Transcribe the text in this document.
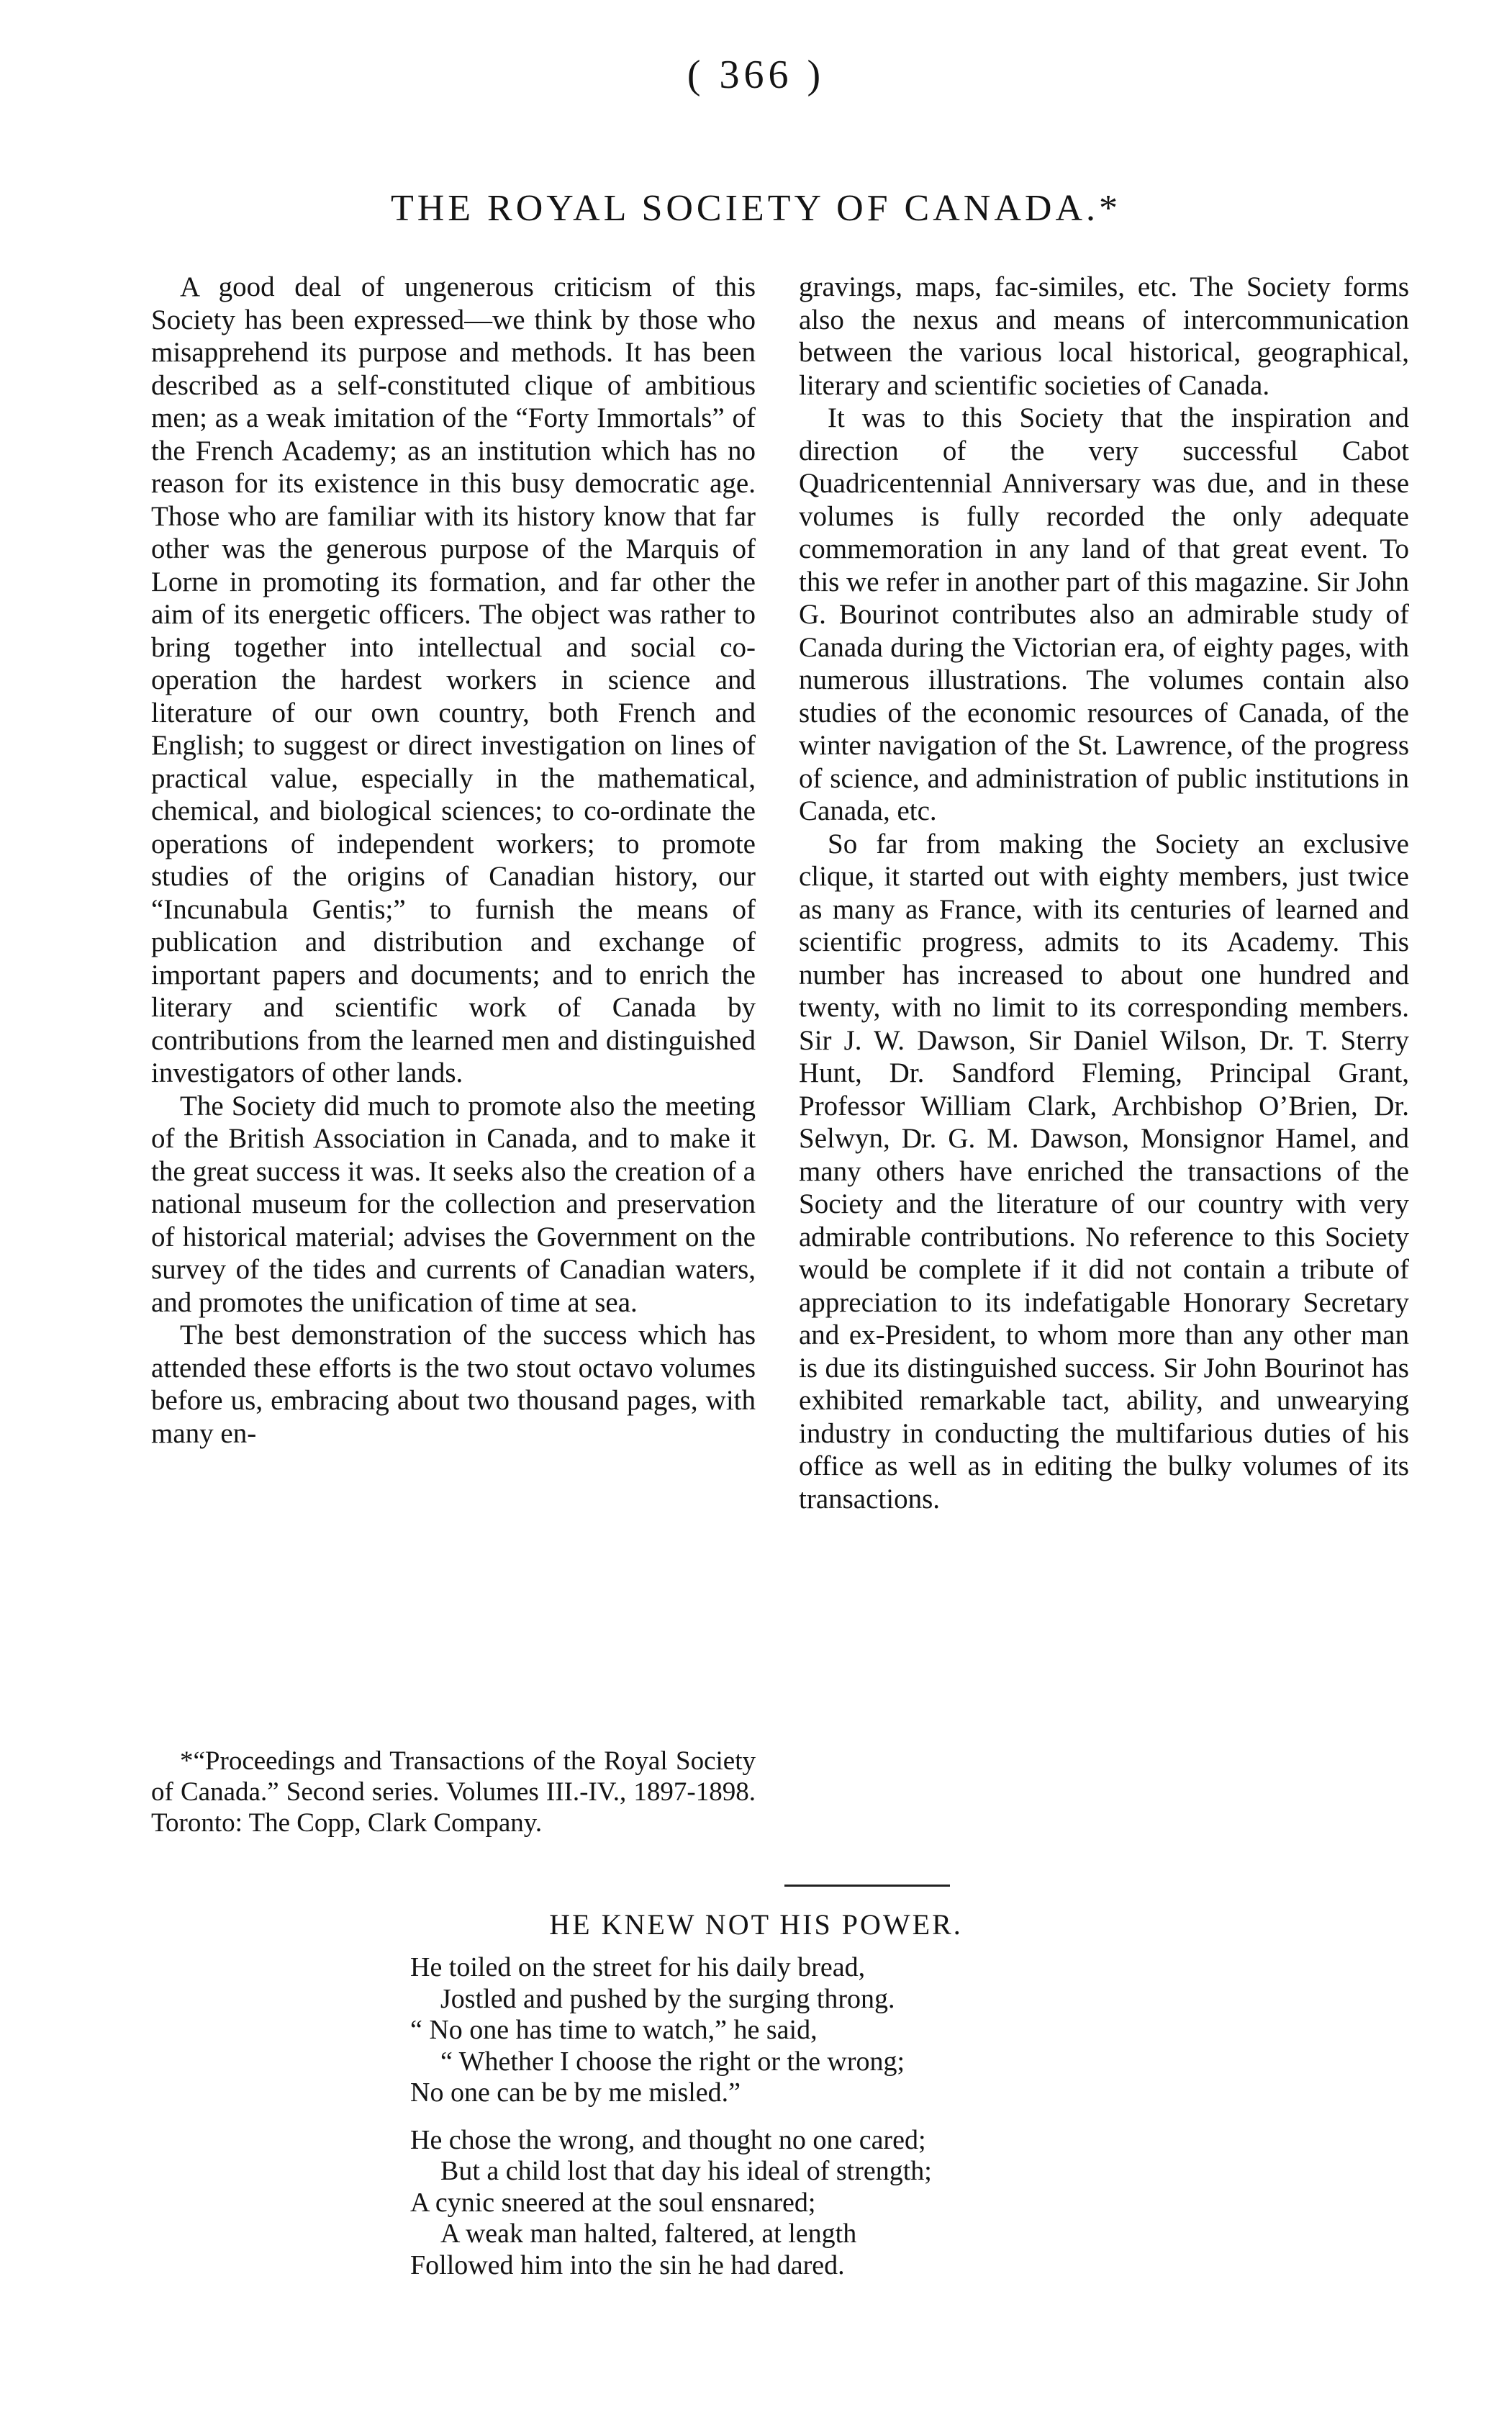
( 366 )
THE ROYAL SOCIETY OF CANADA.*

A good deal of ungenerous criticism of this Society has been expressed—we think by those who misapprehend its purpose and methods. It has been described as a self-constituted clique of ambitious men; as a weak imitation of the “Forty Immortals” of the French Academy; as an institution which has no reason for its existence in this busy democratic age. Those who are familiar with its history know that far other was the generous purpose of the Marquis of Lorne in promoting its formation, and far other the aim of its energetic officers. The object was rather to bring together into intellectual and social co-operation the hardest workers in science and literature of our own country, both French and English; to suggest or direct investigation on lines of practical value, especially in the mathematical, chemical, and biological sciences; to co-ordinate the operations of independent workers; to promote studies of the origins of Canadian history, our “Incunabula Gentis;” to furnish the means of publication and distribution and exchange of important papers and documents; and to enrich the literary and scientific work of Canada by contributions from the learned men and distinguished investigators of other lands.

The Society did much to promote also the meeting of the British Association in Canada, and to make it the great success it was. It seeks also the creation of a national museum for the collection and preservation of historical material; advises the Government on the survey of the tides and currents of Canadian waters, and promotes the unification of time at sea.

The best demonstration of the success which has attended these efforts is the two stout octavo volumes before us, embracing about two thousand pages, with many en-

*“Proceedings and Transactions of the Royal Society of Canada.” Second series. Volumes III.-IV., 1897-1898. Toronto: The Copp, Clark Company.

gravings, maps, fac-similes, etc. The Society forms also the nexus and means of intercommunication between the various local historical, geographical, literary and scientific societies of Canada.

It was to this Society that the inspiration and direction of the very successful Cabot Quadricentennial Anniversary was due, and in these volumes is fully recorded the only adequate commemoration in any land of that great event. To this we refer in another part of this magazine. Sir John G. Bourinot contributes also an admirable study of Canada during the Victorian era, of eighty pages, with numerous illustrations. The volumes contain also studies of the economic resources of Canada, of the winter navigation of the St. Lawrence, of the progress of science, and administration of public institutions in Canada, etc.

So far from making the Society an exclusive clique, it started out with eighty members, just twice as many as France, with its centuries of learned and scientific progress, admits to its Academy. This number has increased to about one hundred and twenty, with no limit to its corresponding members. Sir J. W. Dawson, Sir Daniel Wilson, Dr. T. Sterry Hunt, Dr. Sandford Fleming, Principal Grant, Professor William Clark, Archbishop O’Brien, Dr. Selwyn, Dr. G. M. Dawson, Monsignor Hamel, and many others have enriched the transactions of the Society and the literature of our country with very admirable contributions. No reference to this Society would be complete if it did not contain a tribute of appreciation to its indefatigable Honorary Secretary and ex-President, to whom more than any other man is due its distinguished success. Sir John Bourinot has exhibited remarkable tact, ability, and unwearying industry in conducting the multifarious duties of his office as well as in editing the bulky volumes of its transactions.

HE KNEW NOT HIS POWER.
He toiled on the street for his daily bread,
Jostled and pushed by the surging throng.
“ No one has time to watch,” he said,
“ Whether I choose the right or the wrong;
No one can be by me misled.”
He chose the wrong, and thought no one cared;
But a child lost that day his ideal of strength;
A cynic sneered at the soul ensnared;
A weak man halted, faltered, at length
Followed him into the sin he had dared.
